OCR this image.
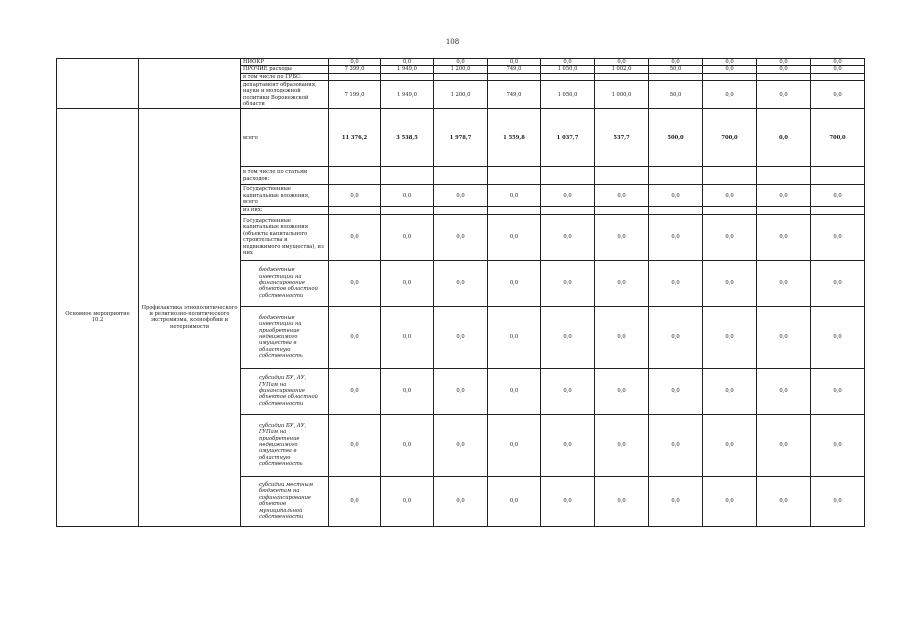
108
		НИОКР	0,0	0,0	0,0	0,0	0,0	0,0	0,0	0,0	0,0	0,0
		ПРОЧИЕ расходы	7 399,0	1 949,0	1 200,0	749,0	1 050,0	1 002,0	50,0	0,0	0,0	0,0
		в том числе по ГРБС:										
		департамент образования, науки и молодежной политики Воронежской области	7 199,0	1 949,0	1 200,0	749,0	1 050,0	1 000,0	50,0	0,0	0,0	0,0
Основное мероприятие 10.2	Профилактика этнополитического и религиозно-политического экстремизма, ксенофобии и нетерпимости	всего	11 376,2	3 538,5	1 978,7	1 559,8	1 037,7	537,7	500,0	700,0	0,0	700,0
		в том числе по статьям расходов:										
		Государственные капитальные вложения, всего	0,0	0,0	0,0	0,0	0,0	0,0	0,0	0,0	0,0	0,0
		из них:										
		Государственные капитальные вложения (объекты капитального строительства и недвижимого имущества), из них	0,0	0,0	0,0	0,0	0,0	0,0	0,0	0,0	0,0	0,0
		бюджетные инвестиции на финансирование объектов областной собственности	0,0	0,0	0,0	0,0	0,0	0,0	0,0	0,0	0,0	0,0
		бюджетные инвестиции на приобретение недвижимого имущества в областную собственность	0,0	0,0	0,0	0,0	0,0	0,0	0,0	0,0	0,0	0,0
		субсидии БУ, АУ, ГУПам на финансирование объектов областной собственности	0,0	0,0	0,0	0,0	0,0	0,0	0,0	0,0	0,0	0,0
		субсидии БУ, АУ, ГУПам на приобретение недвижимого имущества в областную собственность	0,0	0,0	0,0	0,0	0,0	0,0	0,0	0,0	0,0	0,0
		субсидии местным бюджетам на софинансирование объектов муниципальной собственности	0,0	0,0	0,0	0,0	0,0	0,0	0,0	0,0	0,0	0,0
